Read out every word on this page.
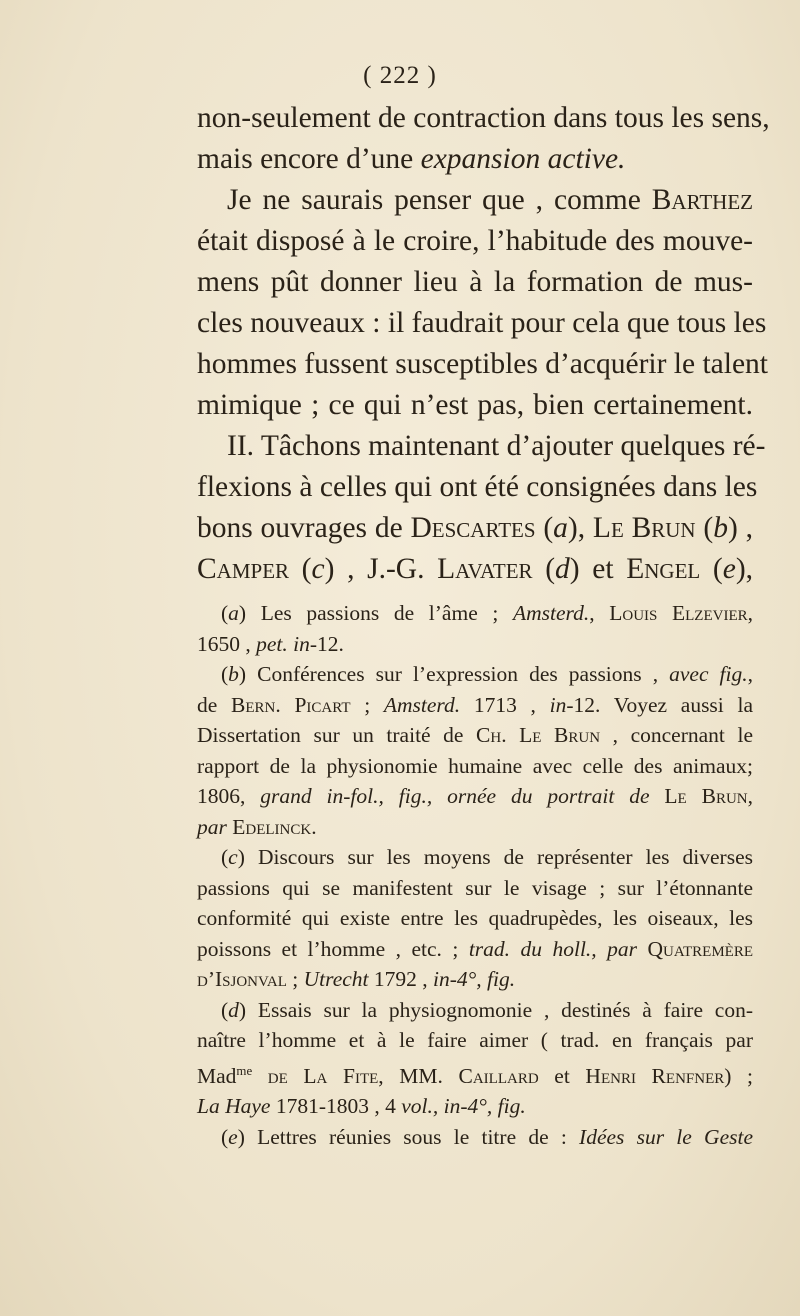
( 222 )
non-seulement de contraction dans tous les sens,
mais encore d’une expansion active.
Je ne saurais penser que , comme Barthez
était disposé à le croire, l’habitude des mouve-
mens pût donner lieu à la formation de mus-
cles nouveaux : il faudrait pour cela que tous les
hommes fussent susceptibles d’acquérir le talent
mimique ; ce qui n’est pas, bien certainement.
II. Tâchons maintenant d’ajouter quelques ré-
flexions à celles qui ont été consignées dans les
bons ouvrages de Descartes (a), Le Brun (b) ,
Camper (c) , J.-G. Lavater (d) et Engel (e),
(a) Les passions de l’âme ; Amsterd., Louis Elzevier,
1650 , pet. in-12.
(b) Conférences sur l’expression des passions , avec fig.,
de Bern. Picart ; Amsterd. 1713 , in-12. Voyez aussi la
Dissertation sur un traité de Ch. Le Brun , concernant le
rapport de la physionomie humaine avec celle des animaux;
1806, grand in-fol., fig., ornée du portrait de Le Brun,
par Edelinck.
(c) Discours sur les moyens de représenter les diverses
passions qui se manifestent sur le visage ; sur l’étonnante
conformité qui existe entre les quadrupèdes, les oiseaux, les
poissons et l’homme , etc. ; trad. du holl., par Quatremère
d’Isjonval ; Utrecht 1792 , in-4°, fig.
(d) Essais sur la physiognomonie , destinés à faire con-
naître l’homme et à le faire aimer ( trad. en français par
Mad$^{me}$ de La Fite, MM. Caillard et Henri Renfner) ;
La Haye 1781-1803 , 4 vol., in-4°, fig.
(e) Lettres réunies sous le titre de : Idées sur le Geste
